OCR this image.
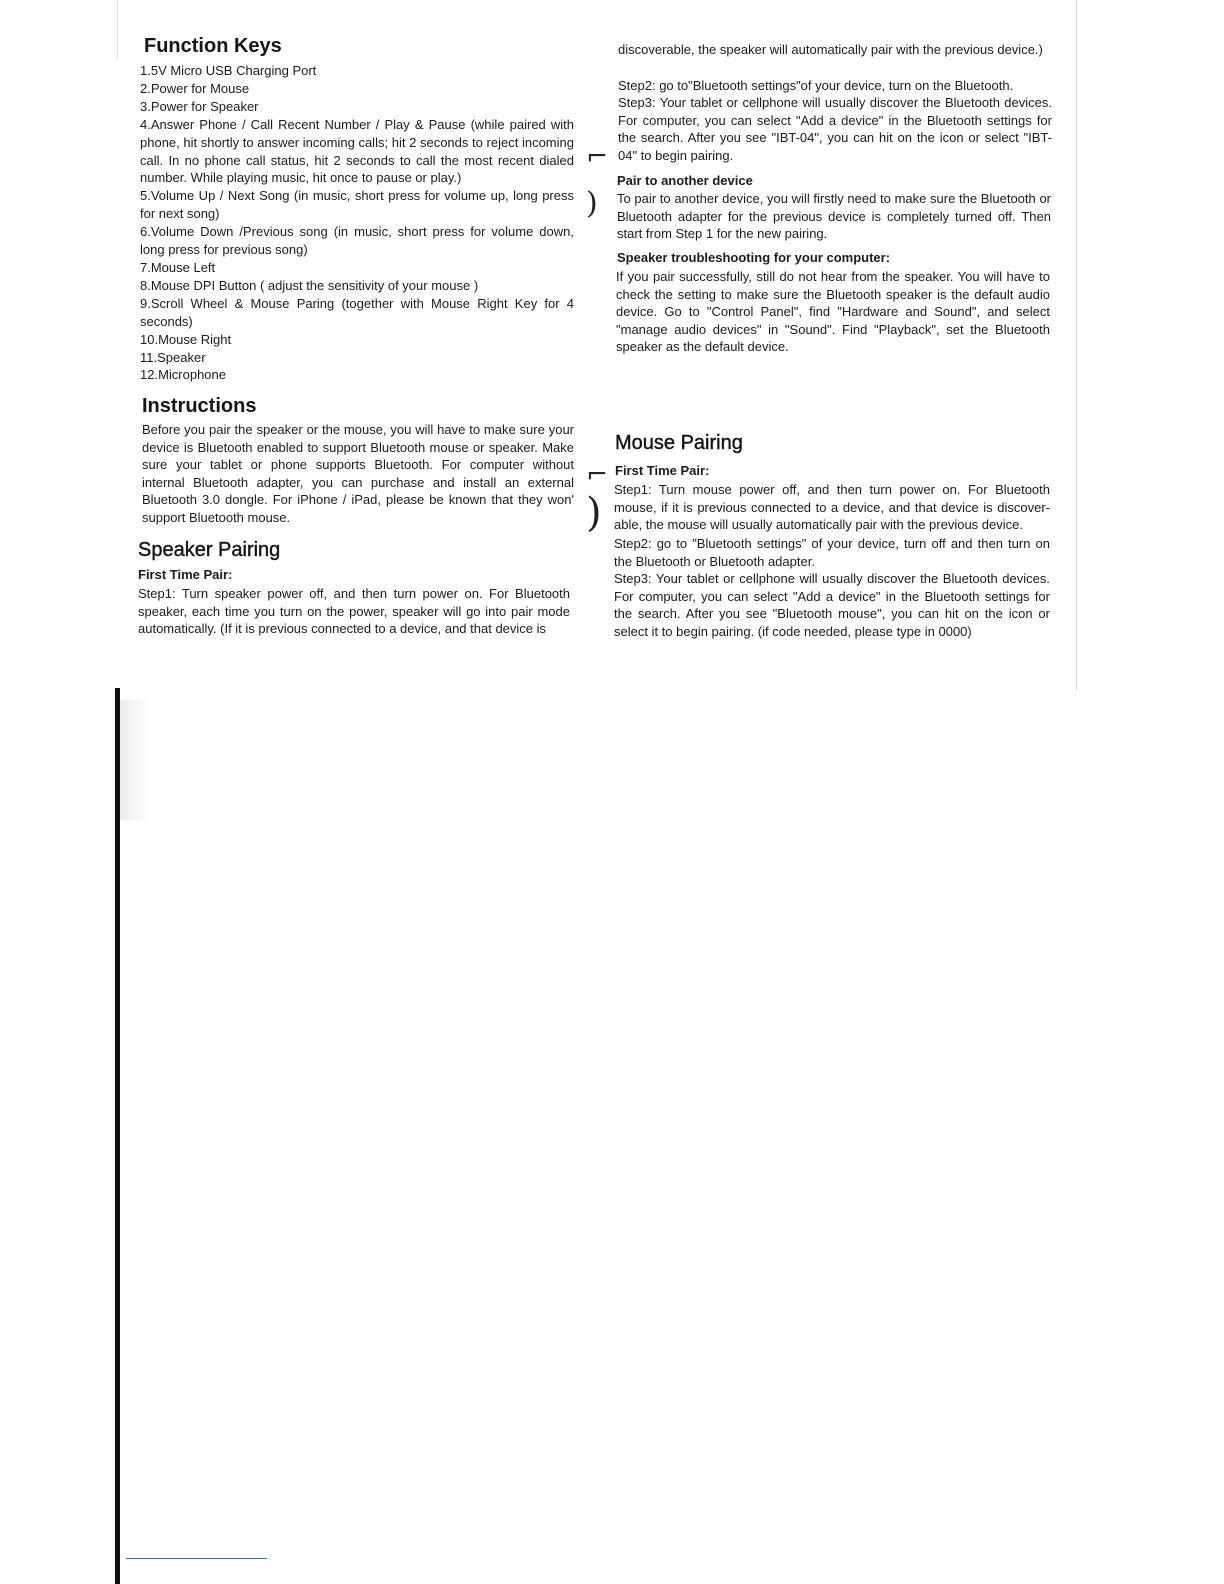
⌐
)
⌐
)
Function Keys
1.5V Micro USB Charging Port
2.Power for Mouse
3.Power for Speaker
4.Answer Phone / Call Recent Number / Play & Pause (while paired with phone, hit shortly to answer incoming calls; hit 2 seconds to reject incoming call. In no phone call status, hit 2 seconds to call the most recent dialed number. While playing music, hit once to pause or play.)
5.Volume Up / Next Song (in music, short press for volume up, long press for next song)
6.Volume Down /Previous song (in music, short press for volume down, long press for previous song)
7.Mouse Left
8.Mouse DPI Button ( adjust the sensitivity of your mouse )
9.Scroll Wheel & Mouse Paring (together with Mouse Right Key for 4 seconds)
10.Mouse Right
11.Speaker
12.Microphone
Instructions

Before you pair the speaker or the mouse, you will have to make sure your device is Bluetooth enabled to support Bluetooth mouse or speaker. Make sure your tablet or phone supports Bluetooth. For computer without internal Bluetooth adapter, you can purchase and install an external Bluetooth 3.0 dongle. For iPhone / iPad, please be known that they won' support Bluetooth mouse.

Speaker Pairing
First Time Pair:

Step1: Turn speaker power off, and then turn power on. For Bluetooth speaker, each time you turn on the power, speaker will go into pair mode automatically. (If it is previous connected to a device, and that device is

discoverable, the speaker will automatically pair with the previous device.)

Step2: go to"Bluetooth settings"of your device, turn on the Bluetooth.

Step3: Your tablet or cellphone will usually discover the Bluetooth devices. For computer, you can select "Add a device" in the Bluetooth settings for the search. After you see "IBT-04", you can hit on the icon or select "IBT-04" to begin pairing.

Pair to another device

To pair to another device, you will firstly need to make sure the Bluetooth or Bluetooth adapter for the previous device is completely turned off. Then start from Step 1 for the new pairing.

Speaker troubleshooting for your computer:

If you pair successfully, still do not hear from the speaker. You will have to check the setting to make sure the Bluetooth speaker is the default audio device. Go to "Control Panel", find "Hardware and Sound", and select "manage audio devices" in "Sound". Find "Playback", set the Bluetooth speaker as the default device.

Mouse Pairing
First Time Pair:

Step1: Turn mouse power off, and then turn power on. For Bluetooth mouse, if it is previous connected to a device, and that device is discover-able, the mouse will usually automatically pair with the previous device.

Step2: go to "Bluetooth settings" of your device, turn off and then turn on the Bluetooth or Bluetooth adapter.

Step3: Your tablet or cellphone will usually discover the Bluetooth devices. For computer, you can select "Add a device" in the Bluetooth settings for the search. After you see "Bluetooth mouse", you can hit on the icon or select it to begin pairing. (if code needed, please type in 0000)
